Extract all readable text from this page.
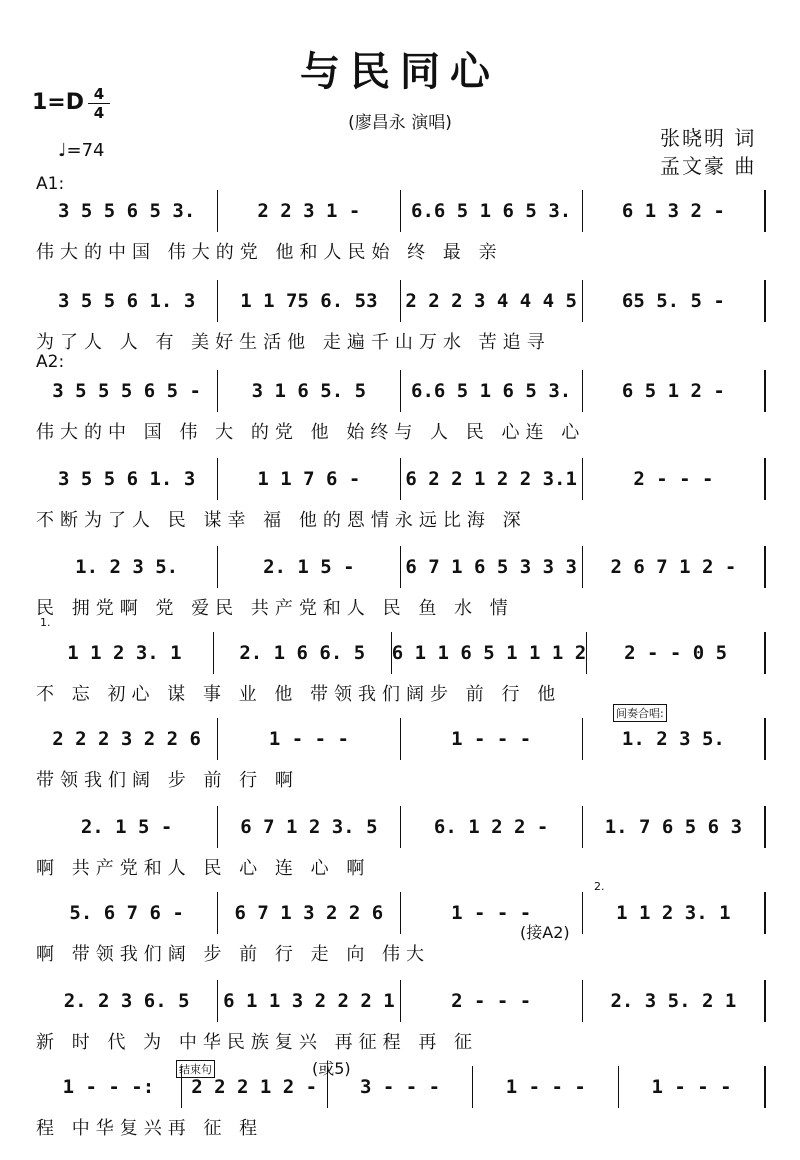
与民同心
(廖昌永 演唱)
1=D 4
4
♩=74
张晓明 词
孟文豪 曲
A1:
A2:
3 5 5 6 5 3.	2 2 3 1 -	6.6 5 1 6 5 3.	6 1 3 2 -
伟大的中国 伟大的党 他和人民始 终 最 亲
3 5 5 6 1. 3	1 1 75 6. 53	2 2 2 3 4 4 4 5	65 5. 5 -
为了人 人 有 美好生活他 走遍千山万水 苦追寻
3 5 5 5 6 5 -	3 1 6 5. 5	6.6 5 1 6 5 3.	6 5 1 2 -
伟大的中 国 伟 大 的党 他 始终与 人 民 心连 心
3 5 5 6 1. 3	1 1 7 6 -	6 2 2 1 2 2 3.1	2 - - -
不断为了人 民 谋幸 福 他的恩情永远比海 深
1. 2 3 5.	2. 1 5 -	6 7 1 6 5 3 3 3	2 6 7 1 2 -
民 拥党啊 党 爱民 共产党和人 民 鱼 水 情
1 1 2 3. 1	2. 1 6 6. 5	6 1 1 6 5 1 1 1 2	2 - - 0 5
不 忘 初心 谋 事 业 他 带领我们阔步 前 行 他
2 2 2 3 2 2 6	1 - - -	1 - - -	1. 2 3 5.
带领我们阔 步 前 行 啊
2. 1 5 -	6 7 1 2 3. 5	6. 1 2 2 -	1. 7 6 5 6 3
啊 共产党和人 民 心 连 心 啊
5. 6 7 6 -	6 7 1 3 2 2 6	1 - - -	1 1 2 3. 1
啊 带领我们阔 步 前 行 走 向 伟大
2. 2 3 6. 5	6 1 1 3 2 2 2 1	2 - - -	2. 3 5. 2 1
新 时 代 为 中华民族复兴 再征程 再 征
1 - - -:	2 2 2 1 2 -	3 - - -	1 - - -	1 - - -
程 中华复兴再 征 程
1.
2.
(接A2)
(或5)
结束句
间奏合唱:
